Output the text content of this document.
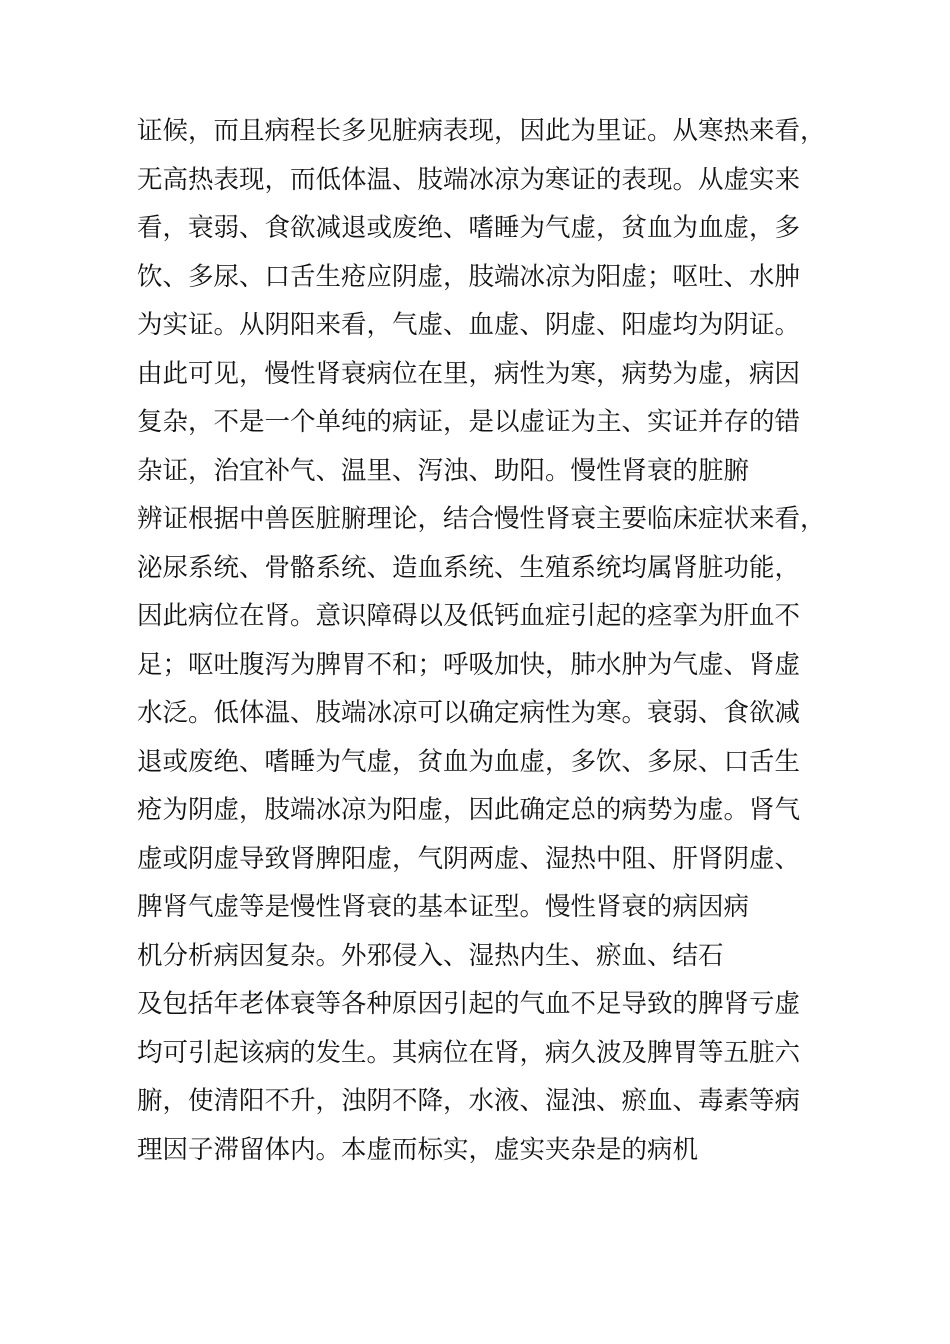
证候，而且病程长多见脏病表现，因此为里证。从寒热来看，
无高热表现，而低体温、肢端冰凉为寒证的表现。从虚实来
看，衰弱、食欲减退或废绝、嗜睡为气虚，贫血为血虚，多
饮、多尿、口舌生疮应阴虚，肢端冰凉为阳虚；呕吐、水肿
为实证。从阴阳来看，气虚、血虚、阴虚、阳虚均为阴证。
由此可见，慢性肾衰病位在里，病性为寒，病势为虚，病因
复杂，不是一个单纯的病证，是以虚证为主、实证并存的错
杂证，治宜补气、温里、泻浊、助阳。慢性肾衰的脏腑
辨证根据中兽医脏腑理论，结合慢性肾衰主要临床症状来看，
泌尿系统、骨骼系统、造血系统、生殖系统均属肾脏功能，
因此病位在肾。意识障碍以及低钙血症引起的痉挛为肝血不
足；呕吐腹泻为脾胃不和；呼吸加快，肺水肿为气虚、肾虚
水泛。低体温、肢端冰凉可以确定病性为寒。衰弱、食欲减
退或废绝、嗜睡为气虚，贫血为血虚，多饮、多尿、口舌生
疮为阴虚，肢端冰凉为阳虚，因此确定总的病势为虚。肾气
虚或阴虚导致肾脾阳虚，气阴两虚、湿热中阻、肝肾阴虚、
脾肾气虚等是慢性肾衰的基本证型。慢性肾衰的病因病
机分析病因复杂。外邪侵入、湿热内生、瘀血、结石
及包括年老体衰等各种原因引起的气血不足导致的脾肾亏虚
均可引起该病的发生。其病位在肾，病久波及脾胃等五脏六
腑，使清阳不升，浊阴不降，水液、湿浊、瘀血、毒素等病
理因子滞留体内。本虚而标实，虚实夹杂是的病机
